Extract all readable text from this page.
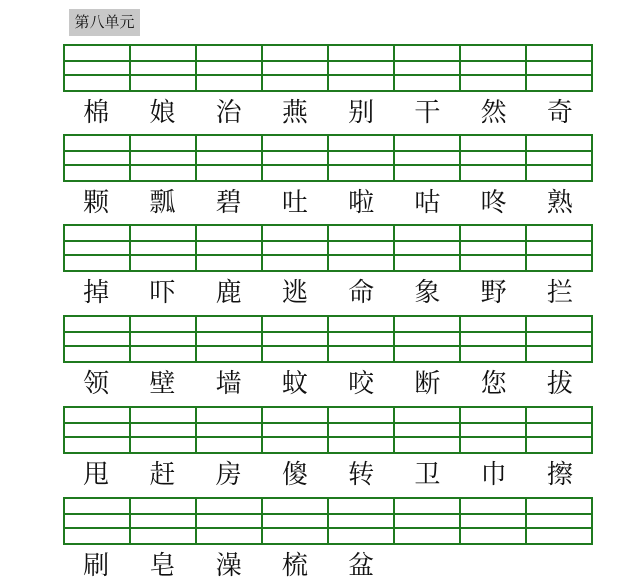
第八单元
棉	娘	治	燕	别	干	然	奇
颗	瓢	碧	吐	啦	咕	咚	熟
掉	吓	鹿	逃	命	象	野	拦
领	壁	墙	蚊	咬	断	您	拔
甩	赶	房	傻	转	卫	巾	擦
刷	皂	澡	梳	盆
